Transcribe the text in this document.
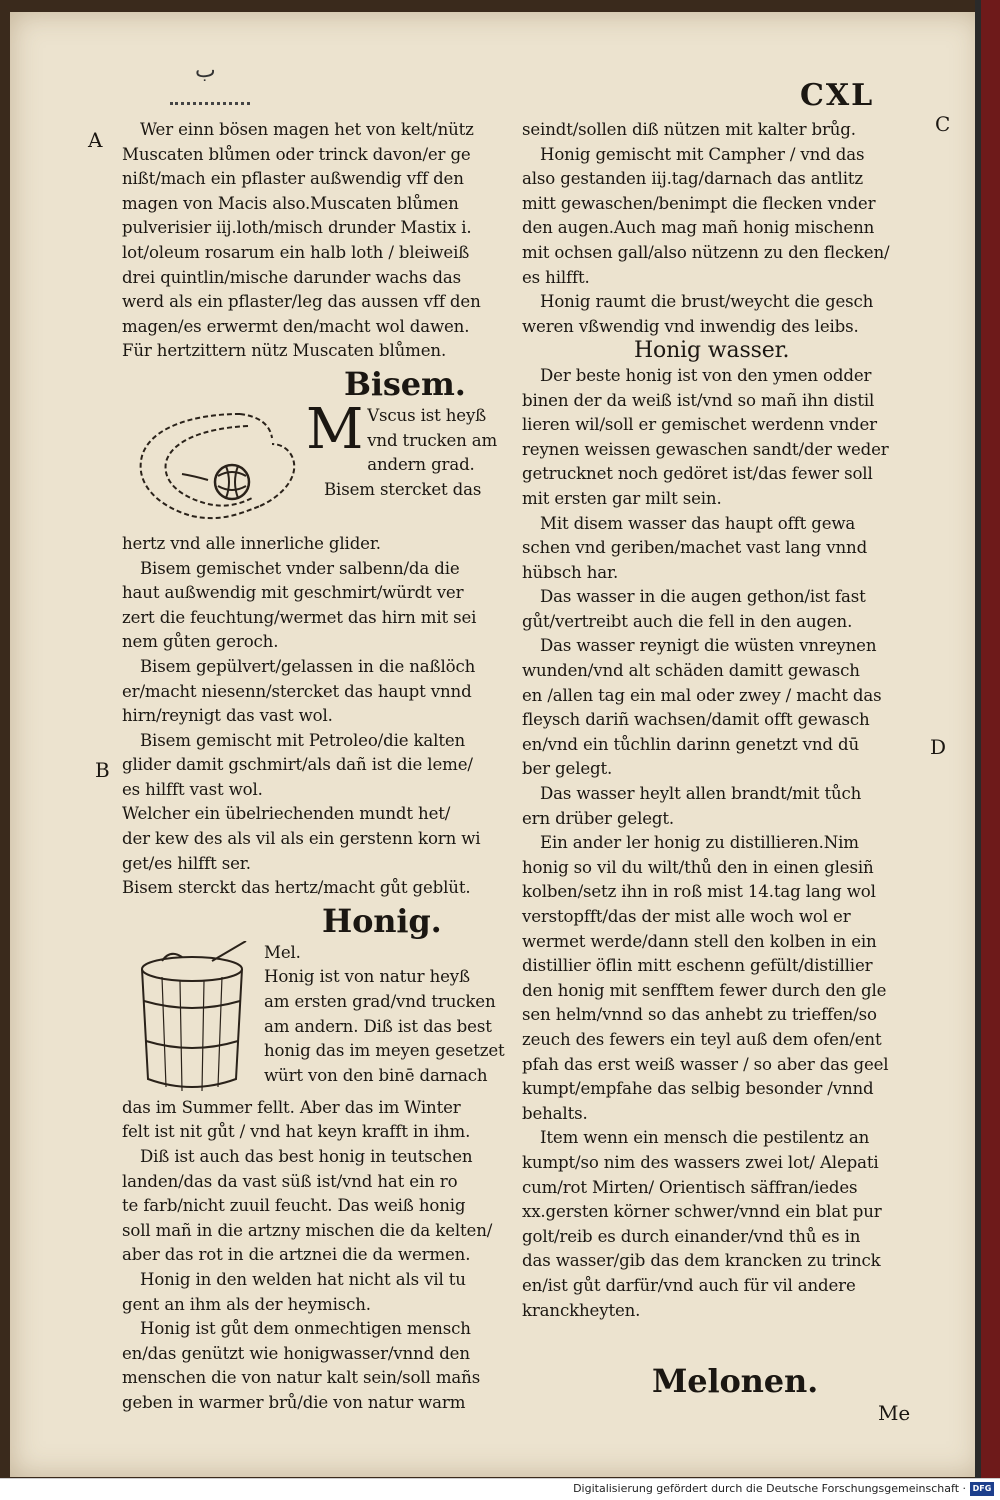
ب
CXL
A
B
C
D
Wer einn bösen magen het von kelt/nütz
Muscaten blůmen oder trinck davon/er ge
nißt/mach ein pflaster außwendig vff den
magen von Macis also.Muscaten blůmen
pulverisier iij.loth/misch drunder Mastix i.
lot/oleum rosarum ein halb loth / bleiweiß
drei quintlin/mische darunder wachs das
werd als ein pflaster/leg das aussen vff den
magen/es erwermt den/macht wol dawen.
Für hertzittern nütz Muscaten blůmen.
Bisem.
M Vscus ist heyß
vnd trucken am
andern grad.
Bisem stercket das
hertz vnd alle innerliche glider.
Bisem gemischet vnder salbenn/da die
haut außwendig mit geschmirt/würdt ver
zert die feuchtung/wermet das hirn mit sei
nem gůten geroch.
Bisem gepülvert/gelassen in die naßlöch
er/macht niesenn/stercket das haupt vnnd
hirn/reynigt das vast wol.
Bisem gemischt mit Petroleo/die kalten
glider damit gschmirt/als dañ ist die leme/
es hilfft vast wol.
Welcher ein übelriechenden mundt het/
der kew des als vil als ein gerstenn korn wi
get/es hilfft ser.
Bisem sterckt das hertz/macht gůt geblüt.
Honig.
Mel.
Honig ist von natur heyß
am ersten grad/vnd trucken
am andern. Diß ist das best
honig das im meyen gesetzet
würt von den binē darnach
das im Summer fellt. Aber das im Winter
felt ist nit gůt / vnd hat keyn krafft in ihm.
Diß ist auch das best honig in teutschen
landen/das da vast süß ist/vnd hat ein ro
te farb/nicht zuuil feucht. Das weiß honig
soll mañ in die artzny mischen die da kelten/
aber das rot in die artznei die da wermen.
Honig in den welden hat nicht als vil tu
gent an ihm als der heymisch.
Honig ist gůt dem onmechtigen mensch
en/das genützt wie honigwasser/vnnd den
menschen die von natur kalt sein/soll mañs
geben in warmer brů/die von natur warm
seindt/sollen diß nützen mit kalter brůg.
Honig gemischt mit Campher / vnd das
also gestanden iij.tag/darnach das antlitz
mitt gewaschen/benimpt die flecken vnder
den augen.Auch mag mañ honig mischenn
mit ochsen gall/also nützenn zu den flecken/
es hilfft.
Honig raumt die brust/weycht die gesch
weren vßwendig vnd inwendig des leibs.
Honig wasser.
Der beste honig ist von den ymen odder
binen der da weiß ist/vnd so mañ ihn distil
lieren wil/soll er gemischet werdenn vnder
reynen weissen gewaschen sandt/der weder
getrucknet noch gedöret ist/das fewer soll
mit ersten gar milt sein.
Mit disem wasser das haupt offt gewa
schen vnd geriben/machet vast lang vnnd
hübsch har.
Das wasser in die augen gethon/ist fast
gůt/vertreibt auch die fell in den augen.
Das wasser reynigt die wüsten vnreynen
wunden/vnd alt schäden damitt gewasch
en /allen tag ein mal oder zwey / macht das
fleysch dariñ wachsen/damit offt gewasch
en/vnd ein tůchlin darinn genetzt vnd dū
ber gelegt.
Das wasser heylt allen brandt/mit tůch
ern drüber gelegt.
Ein ander ler honig zu distillieren.Nim
honig so vil du wilt/thů den in einen glesiñ
kolben/setz ihn in roß mist 14.tag lang wol
verstopfft/das der mist alle woch wol er
wermet werde/dann stell den kolben in ein
distillier öflin mitt eschenn gefült/distillier
den honig mit senfftem fewer durch den gle
sen helm/vnnd so das anhebt zu trieffen/so
zeuch des fewers ein teyl auß dem ofen/ent
pfah das erst weiß wasser / so aber das geel
kumpt/empfahe das selbig besonder /vnnd
behalts.
Item wenn ein mensch die pestilentz an
kumpt/so nim des wassers zwei lot/ Alepati
cum/rot Mirten/ Orientisch säffran/iedes
xx.gersten körner schwer/vnnd ein blat pur
golt/reib es durch einander/vnd thů es in
das wasser/gib das dem krancken zu trinck
en/ist gůt darfür/vnd auch für vil andere
kranckheyten.
Melonen.
Me
Digitalisierung gefördert durch die Deutsche Forschungsgemeinschaft · DFG
